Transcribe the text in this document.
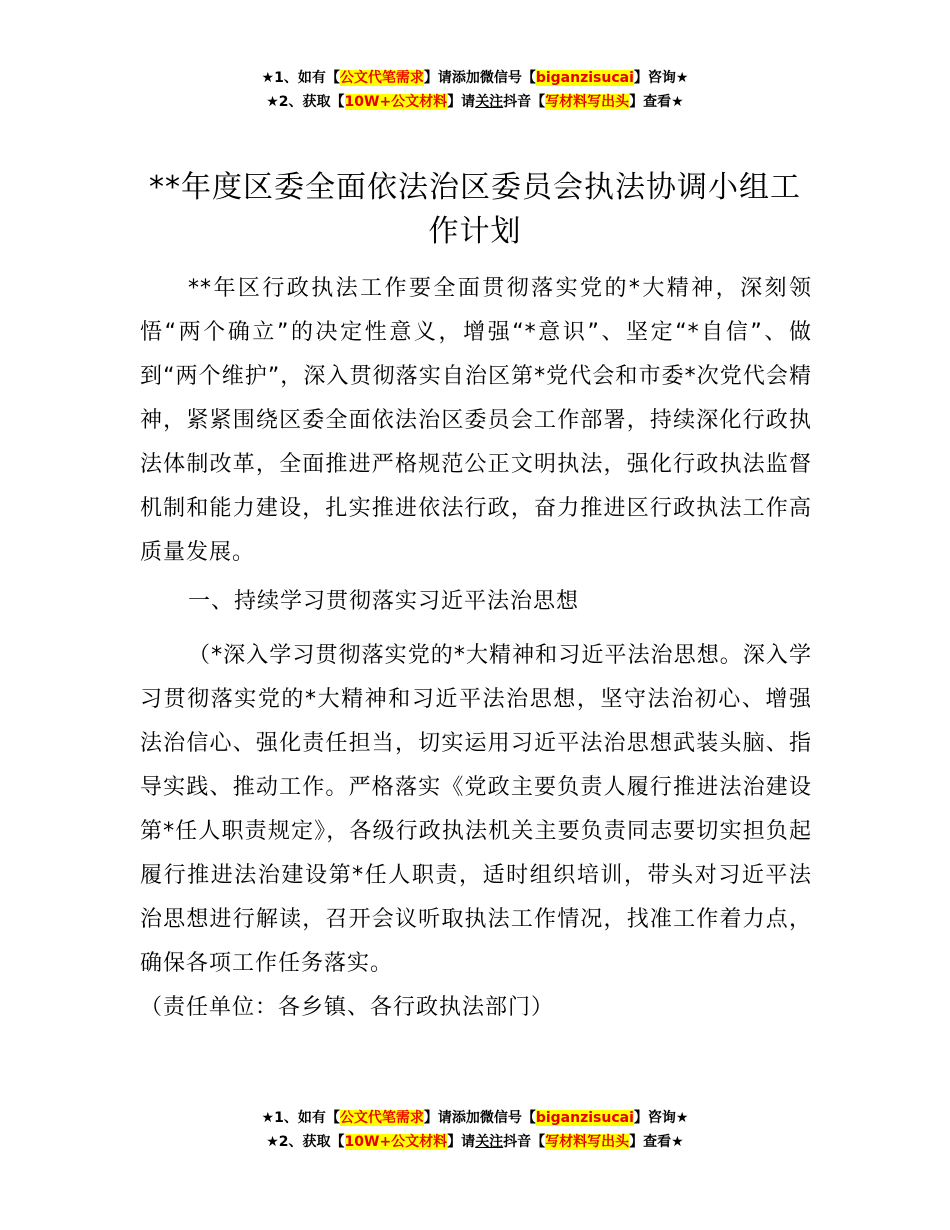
★1、如有【公文代笔需求】请添加微信号【biganzisucai】咨询★
★2、获取【10W+公文材料】请关注抖音【写材料写出头】查看★
**年度区委全面依法治区委员会执法协调小组工作计划
**年区行政执法工作要全面贯彻落实党的*大精神，深刻领悟“两个确立”的决定性意义，增强“*意识”、坚定“*自信”、做到“两个维护”，深入贯彻落实自治区第*党代会和市委*次党代会精神，紧紧围绕区委全面依法治区委员会工作部署，持续深化行政执法体制改革，全面推进严格规范公正文明执法，强化行政执法监督机制和能力建设，扎实推进依法行政，奋力推进区行政执法工作高质量发展。
一、持续学习贯彻落实习近平法治思想
（*深入学习贯彻落实党的*大精神和习近平法治思想。深入学习贯彻落实党的*大精神和习近平法治思想，坚守法治初心、增强法治信心、强化责任担当，切实运用习近平法治思想武装头脑、指导实践、推动工作。严格落实《党政主要负责人履行推进法治建设第*任人职责规定》，各级行政执法机关主要负责同志要切实担负起履行推进法治建设第*任人职责，适时组织培训，带头对习近平法治思想进行解读，召开会议听取执法工作情况，找准工作着力点，确保各项工作任务落实。
（责任单位：各乡镇、各行政执法部门）
★1、如有【公文代笔需求】请添加微信号【biganzisucai】咨询★
★2、获取【10W+公文材料】请关注抖音【写材料写出头】查看★
